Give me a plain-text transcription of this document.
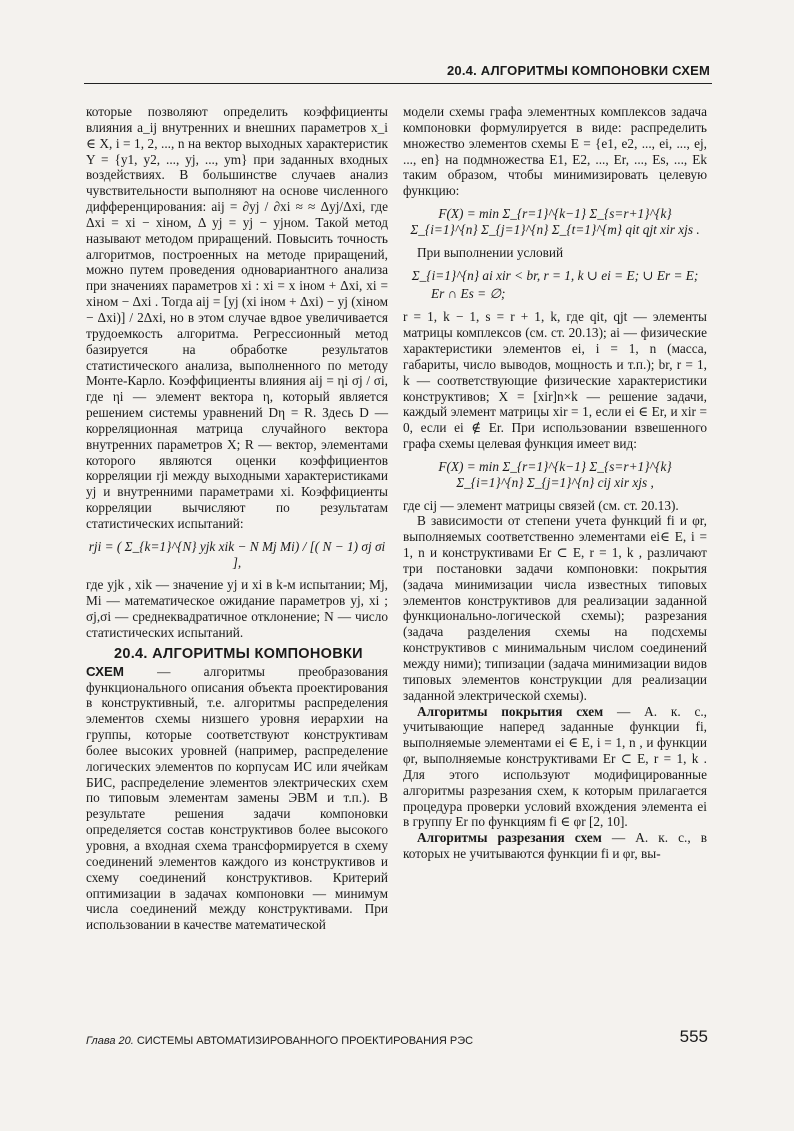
20.4. АЛГОРИТМЫ КОМПОНОВКИ СХЕМ

которые позволяют определить коэффициенты влияния a_ij внутренних и внешних параметров x_i ∈ X, i = 1, 2, ..., n на вектор выходных характеристик Y = {y1, y2, ..., yj, ..., ym} при заданных входных воздействиях. В большинстве случаев анализ чувствительности выполняют на основе численного дифференцирования: aij = ∂yj / ∂xi ≈ ≈ Δyj/Δxi, где Δxi = xi − xiном, Δ yj = yj − yjном. Такой метод называют методом приращений. Повысить точность алгоритмов, построенных на методе приращений, можно путем проведения одновариантного анализа при значениях параметров xi : xi = x iном + Δxi, xi = xiном − Δxi . Тогда aij = [yj (xi iном + Δxi) − yj (xiном − Δxi)] / 2Δxi, но в этом случае вдвое увеличивается трудоемкость алгоритма. Регрессионный метод базируется на обработке результатов статистического анализа, выполненного по методу Монте-Карло. Коэффициенты влияния aij = ηi σj / σi, где ηi — элемент вектора η, который является решением системы уравнений Dη = R. Здесь D — корреляционная матрица случайного вектора внутренних параметров X; R — вектор, элементами которого являются оценки коэффициентов корреляции rji между выходными характеристиками yj и внутренними параметрами xi. Коэффициенты корреляции вычисляют по результатам статистических испытаний:

rji = ( Σ_{k=1}^{N} yjk xik − N Mj Mi) / [( N − 1) σj σi ],

где yjk , xik — значение yj и xi в k-м испытании; Mj, Mi — математическое ожидание параметров yj, xi ; σj,σi — среднеквадратичное отклонение; N — число статистических испытаний.

20.4. АЛГОРИТМЫ КОМПОНОВКИ

СХЕМ — алгоритмы преобразования функционального описания объекта проектирования в конструктивный, т.е. алгоритмы распределения элементов схемы низшего уровня иерархии на группы, которые соответствуют конструктивам более высоких уровней (например, распределение логических элементов по корпусам ИС или ячейкам БИС, распределение элементов электрических схем по типовым элементам замены ЭВМ и т.п.). В результате решения задачи компоновки определяется состав конструктивов более высокого уровня, а входная схема трансформируется в схему соединений элементов каждого из конструктивов и схему соединений конструктивов. Критерий оптимизации в задачах компоновки — минимум числа соединений между конструктивами. При использовании в качестве математической

модели схемы графа элементных комплексов задача компоновки формулируется в виде: распределить множество элементов схемы E = {e1, e2, ..., ei, ..., ej, ..., en} на подмножества E1, E2, ..., Er, ..., Es, ..., Ek таким образом, чтобы минимизировать целевую функцию:

F(X) = min Σ_{r=1}^{k−1} Σ_{s=r+1}^{k} Σ_{i=1}^{n} Σ_{j=1}^{n} Σ_{t=1}^{m} qit qjt xir xjs .

При выполнении условий

Σ_{i=1}^{n} ai xir < br, r = 1, k ∪ ei = E; ∪ Er = E;
Er ∩ Es = ∅;

r = 1, k − 1, s = r + 1, k, где qit, qjt — элементы матрицы комплексов (см. ст. 20.13); ai — физические характеристики элементов ei, i = 1, n (масса, габариты, число выводов, мощность и т.п.); br, r = 1, k — соответствующие физические характеристики конструктивов; X = [xir]n×k — решение задачи, каждый элемент матрицы xir = 1, если ei ∈ Er, и xir = 0, если ei ∉ Er. При использовании взвешенного графа схемы целевая функция имеет вид:

F(X) = min Σ_{r=1}^{k−1} Σ_{s=r+1}^{k} Σ_{i=1}^{n} Σ_{j=1}^{n} cij xir xjs ,

где cij — элемент матрицы связей (см. ст. 20.13).

В зависимости от степени учета функций fi и φr, выполняемых соответственно элементами ei∈ E, i = 1, n и конструктивами Er ⊂ E, r = 1, k , различают три постановки задачи компоновки: покрытия (задача минимизации числа известных типовых элементов конструктивов для реализации заданной функционально-логической схемы); разрезания (задача разделения схемы на подсхемы конструктивов с минимальным числом соединений между ними); типизации (задача минимизации видов типовых элементов конструкции для реализации заданной электрической схемы).

Алгоритмы покрытия схем — А. к. с., учитывающие наперед заданные функции fi, выполняемые элементами ei ∈ E, i = 1, n , и функции φr, выполняемые конструктивами Er ⊂ E, r = 1, k . Для этого используют модифицированные алгоритмы разрезания схем, к которым прилагается процедура проверки условий вхождения элемента ei в группу Er по функциям fi ∈ φr [2, 10].

Алгоритмы разрезания схем — А. к. с., в которых не учитываются функции fi и φr, вы-

Глава 20. СИСТЕМЫ АВТОМАТИЗИРОВАННОГО ПРОЕКТИРОВАНИЯ РЭС	555
